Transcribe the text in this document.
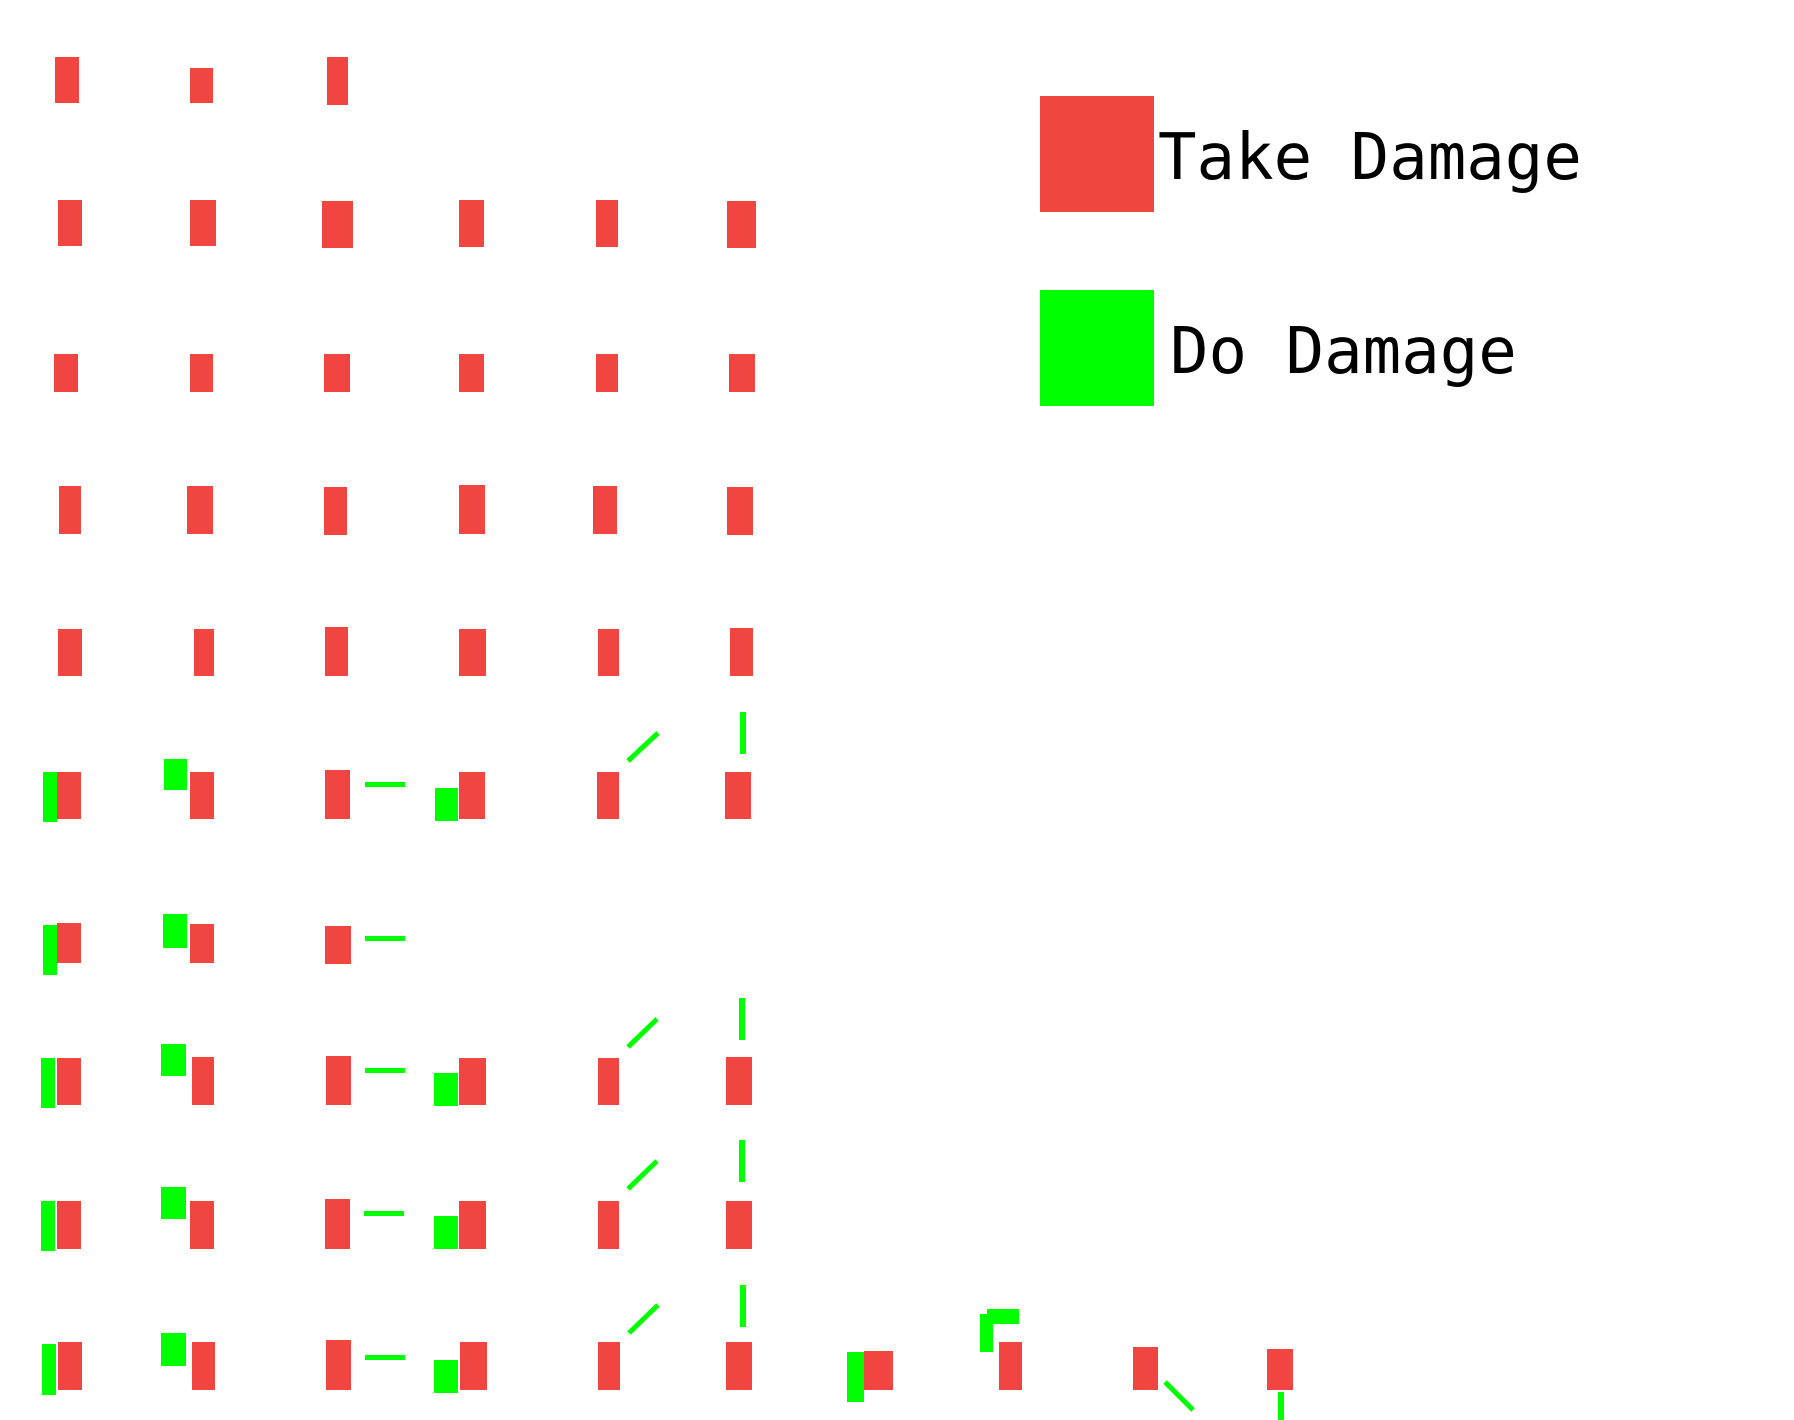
Take Damage
Do Damage
